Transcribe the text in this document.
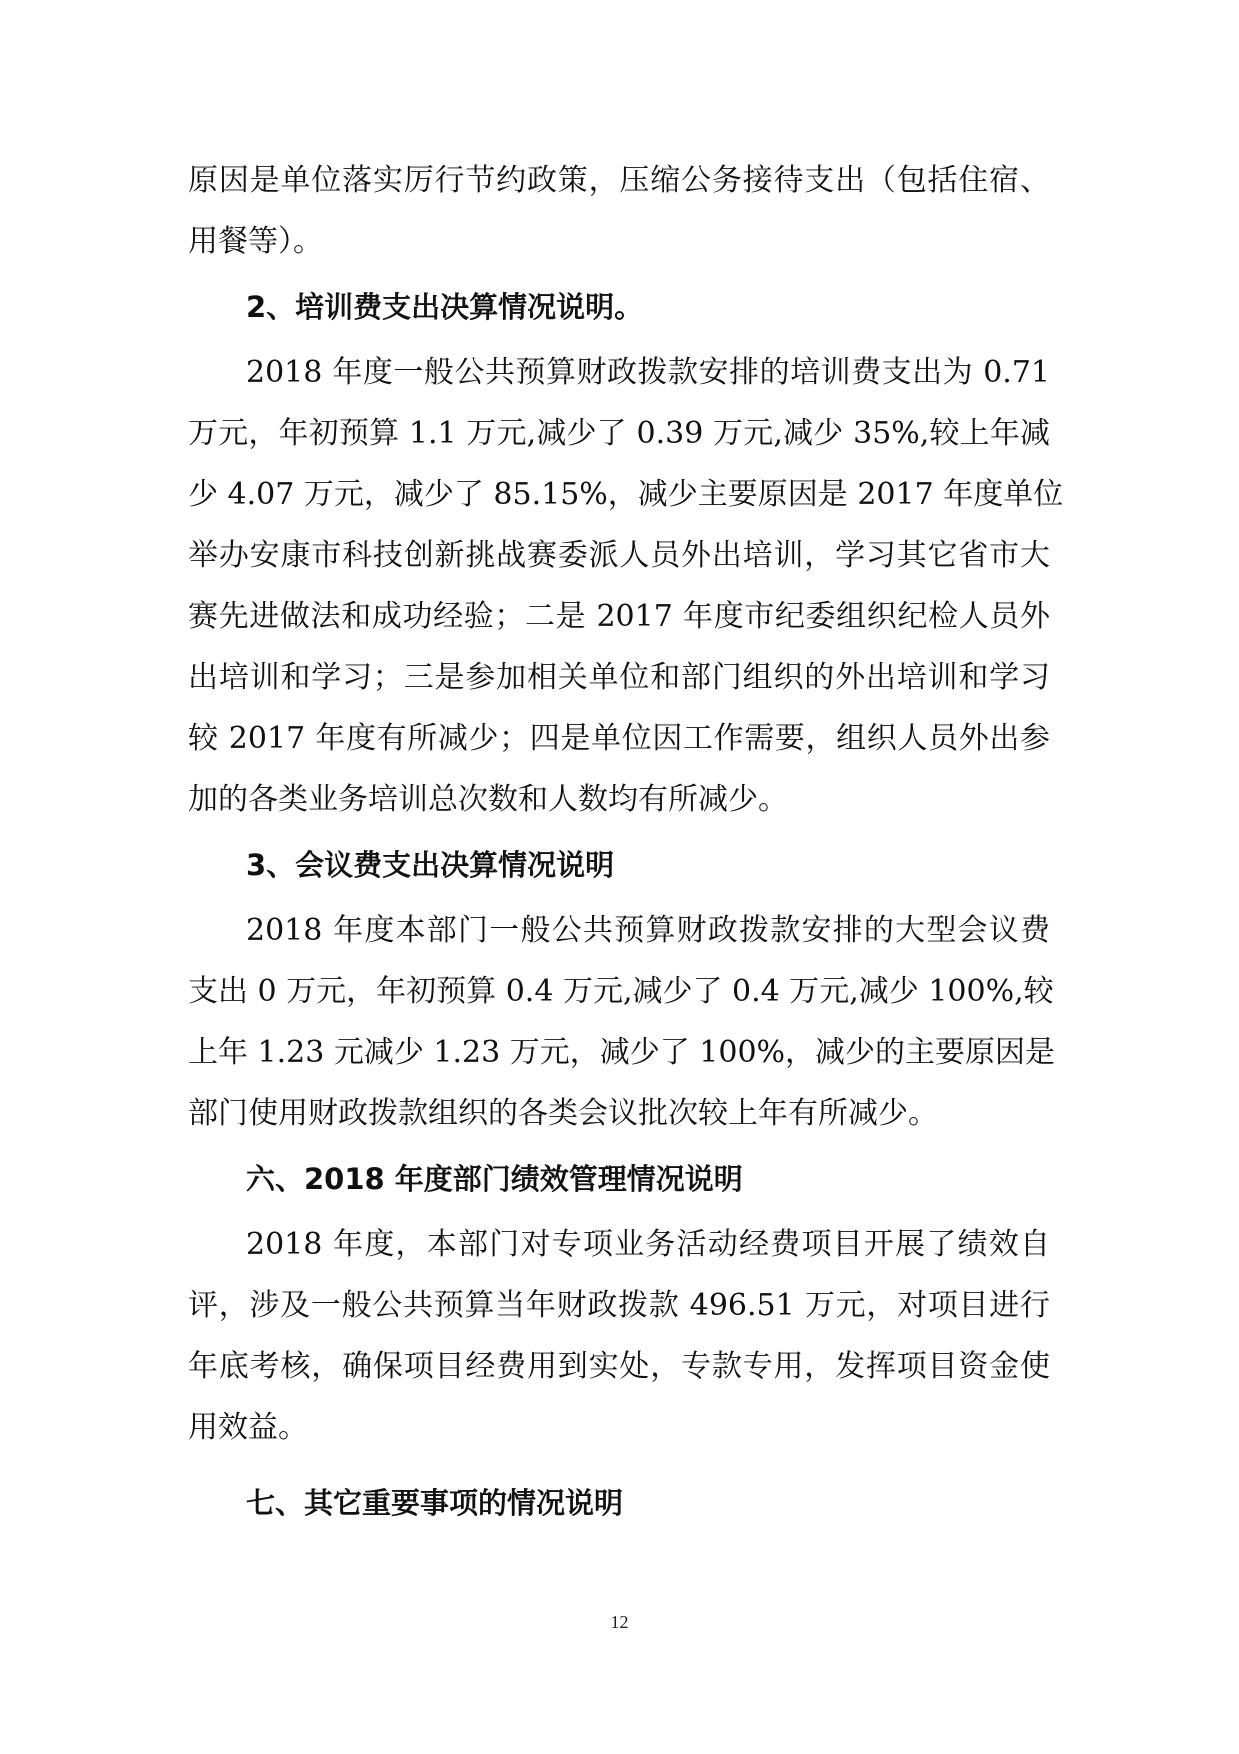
原因是单位落实厉行节约政策，压缩公务接待支出（包括住宿、
用餐等）。
2、培训费支出决算情况说明。
2018 年度一般公共预算财政拨款安排的培训费支出为 0.71
万元，年初预算 1.1 万元,减少了 0.39 万元,减少 35%,较上年减
少 4.07 万元，减少了 85.15%，减少主要原因是 2017 年度单位
举办安康市科技创新挑战赛委派人员外出培训，学习其它省市大
赛先进做法和成功经验；二是 2017 年度市纪委组织纪检人员外
出培训和学习；三是参加相关单位和部门组织的外出培训和学习
较 2017 年度有所减少；四是单位因工作需要，组织人员外出参
加的各类业务培训总次数和人数均有所减少。
3、会议费支出决算情况说明
2018 年度本部门一般公共预算财政拨款安排的大型会议费
支出 0 万元，年初预算 0.4 万元,减少了 0.4 万元,减少 100%,较
上年 1.23 元减少 1.23 万元，减少了 100%，减少的主要原因是
部门使用财政拨款组织的各类会议批次较上年有所减少。
六、2018 年度部门绩效管理情况说明
2018 年度，本部门对专项业务活动经费项目开展了绩效自
评，涉及一般公共预算当年财政拨款 496.51 万元，对项目进行
年底考核，确保项目经费用到实处，专款专用，发挥项目资金使
用效益。
七、其它重要事项的情况说明
12
